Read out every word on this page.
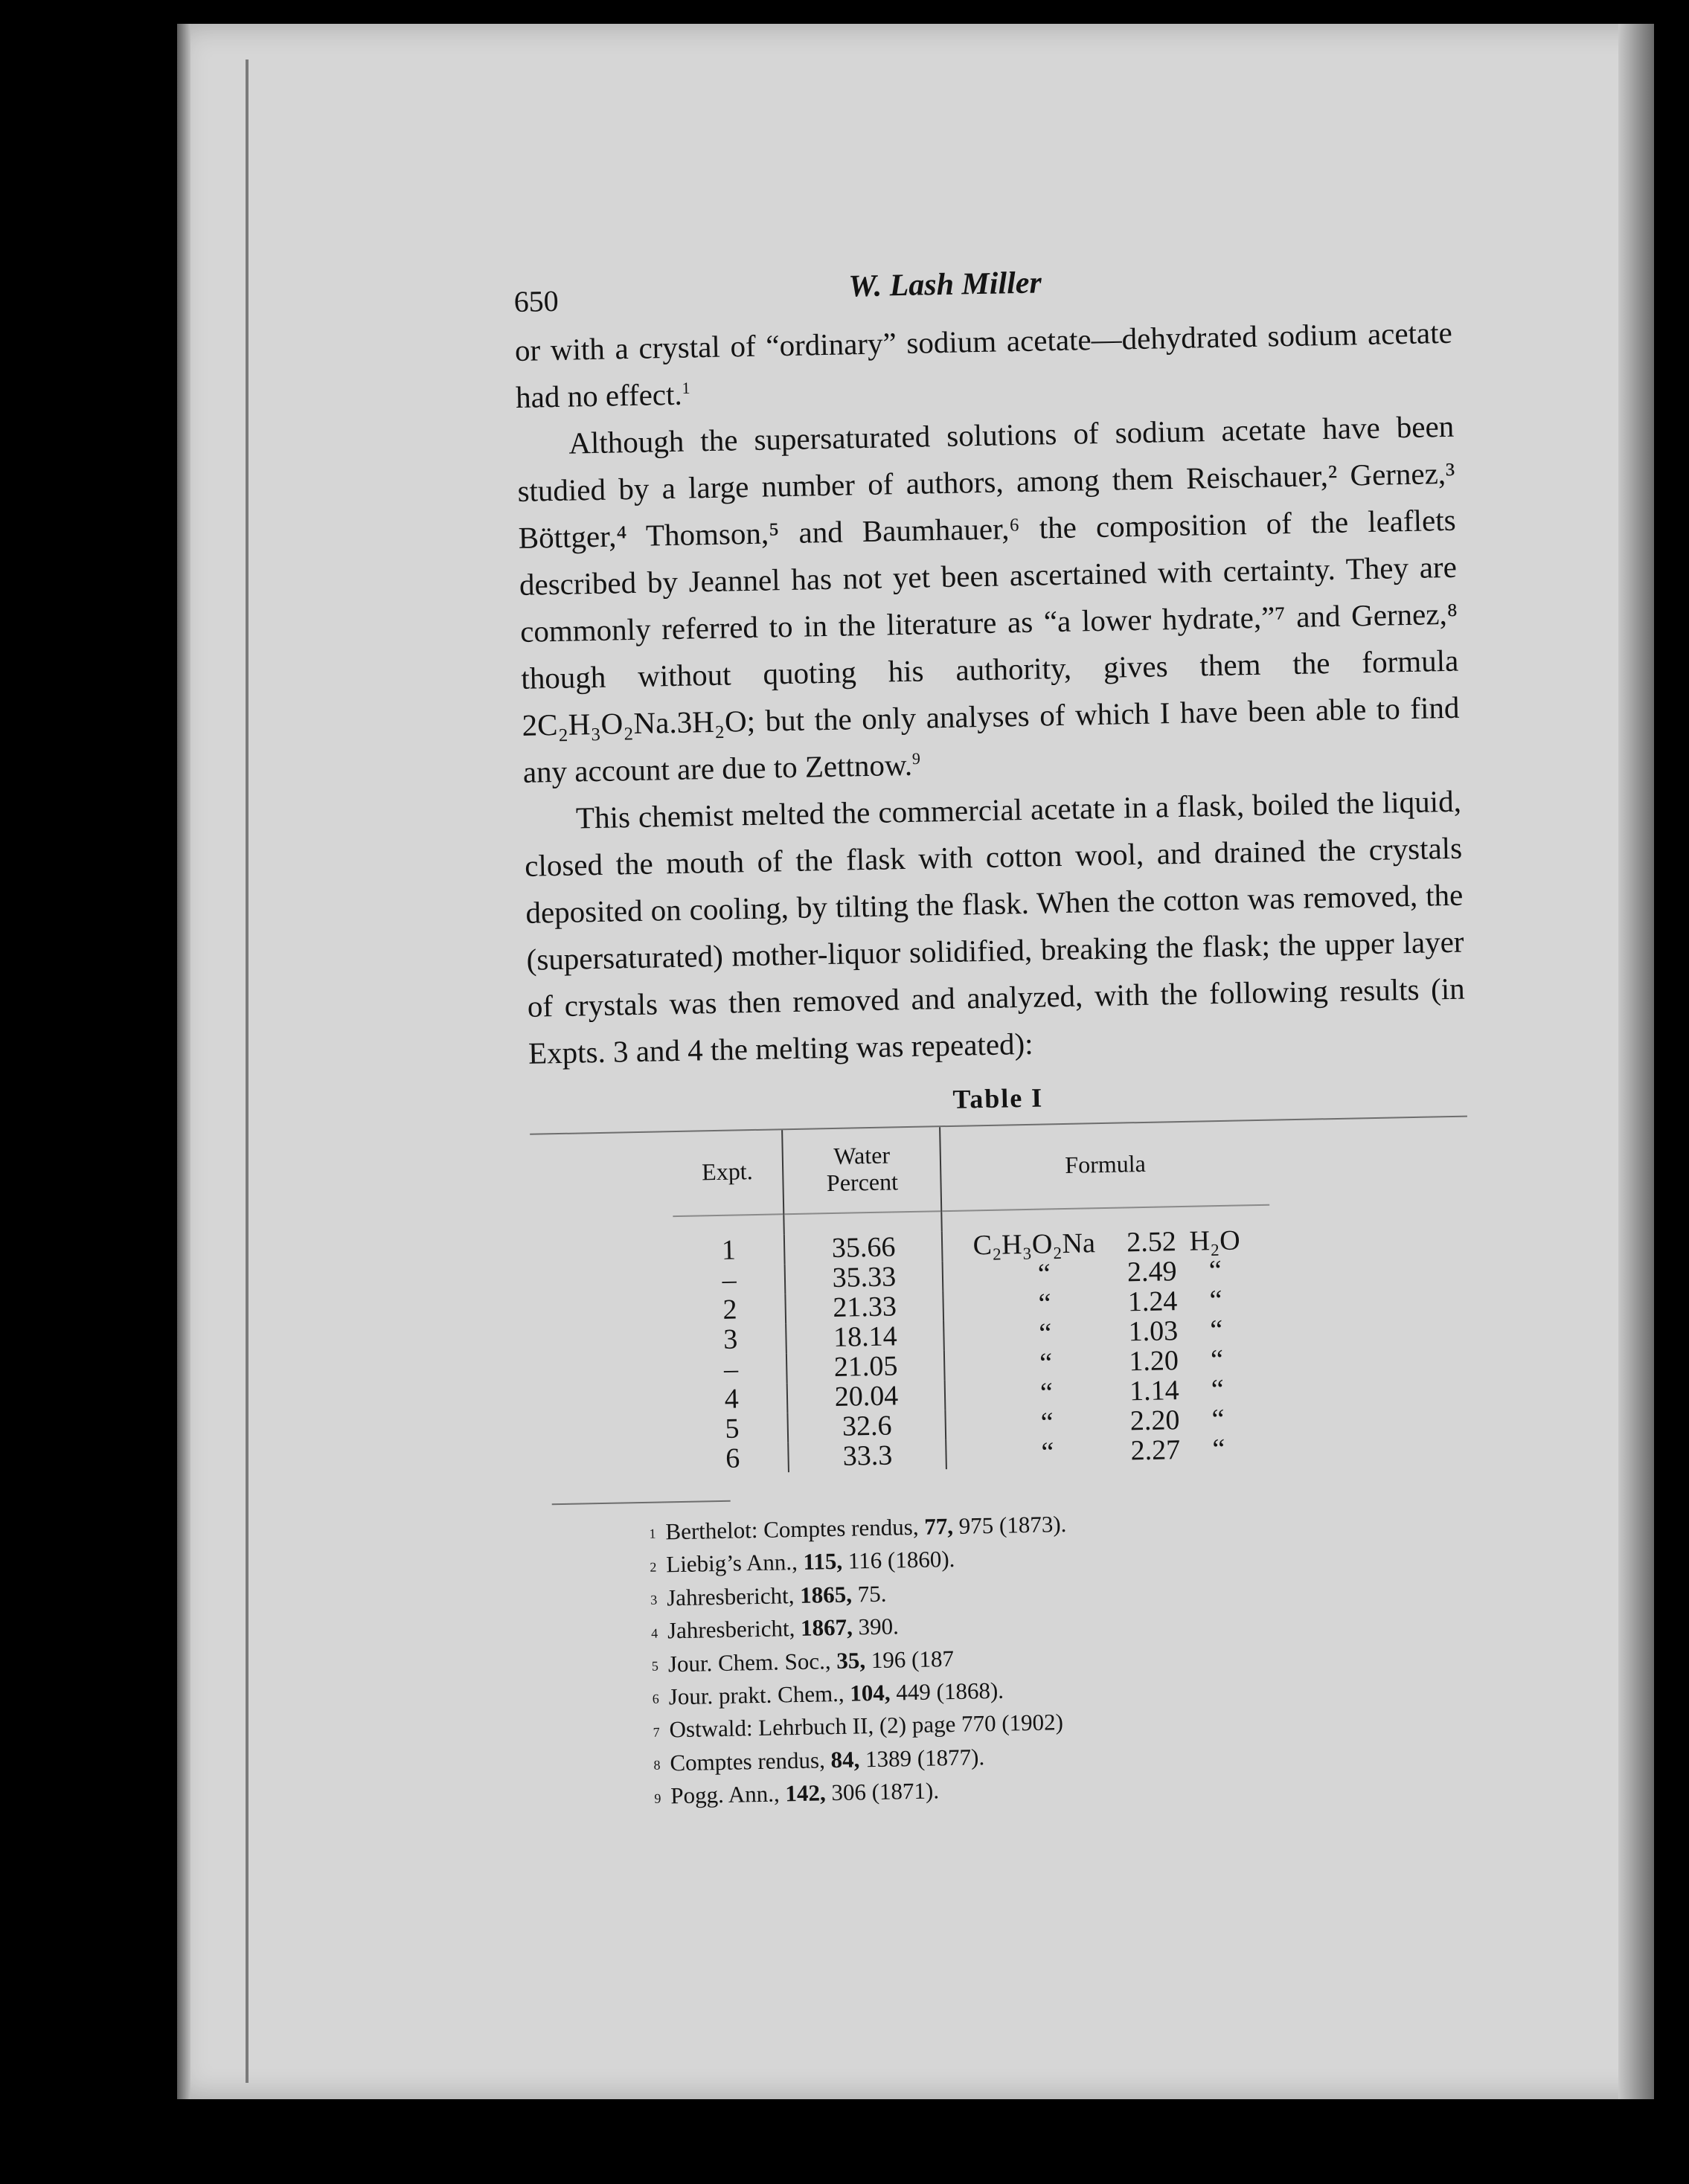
650	W. Lash Miller

or with a crystal of “ordinary” sodium acetate—dehydrated sodium acetate had no effect.$^1$

Although the supersaturated solutions of sodium acetate have been studied by a large number of authors, among them Reischauer,² Gernez,³ Böttger,⁴ Thomson,⁵ and Baumhauer,⁶ the composition of the leaflets described by Jeannel has not yet been ascertained with certainty. They are commonly referred to in the literature as “a lower hydrate,”⁷ and Gernez,⁸ though without quoting his authority, gives them the formula 2C₂H₃O₂Na.3H₂O; but the only analyses of which I have been able to find any account are due to Zettnow.$^9$

This chemist melted the commercial acetate in a flask, boiled the liquid, closed the mouth of the flask with cotton wool, and drained the crystals deposited on cooling, by tilting the flask. When the cotton was removed, the (supersaturated) mother-liquor solidified, breaking the flask; the upper layer of crystals was then removed and analyzed, with the following results (in Expts. 3 and 4 the melting was repeated):

Table I
Expt.	Water Percent	Formula

1	35.66	C₂H₃O₂Na 2.52 H₂O
–	35.33	“ 2.49 “
2	21.33	“ 1.24 “
3	18.14	“ 1.03 “
–	21.05	“ 1.20 “
4	20.04	“ 1.14 “
5	32.6	“ 2.20 “
6	33.3	“ 2.27 “
1 Berthelot: Comptes rendus, 77, 975 (1873).
2 Liebig’s Ann., 115, 116 (1860).
3 Jahresbericht, 1865, 75.
4 Jahresbericht, 1867, 390.
5 Jour. Chem. Soc., 35, 196 (187
6 Jour. prakt. Chem., 104, 449 (1868).
7 Ostwald: Lehrbuch II, (2) page 770 (1902)
8 Comptes rendus, 84, 1389 (1877).
9 Pogg. Ann., 142, 306 (1871).
